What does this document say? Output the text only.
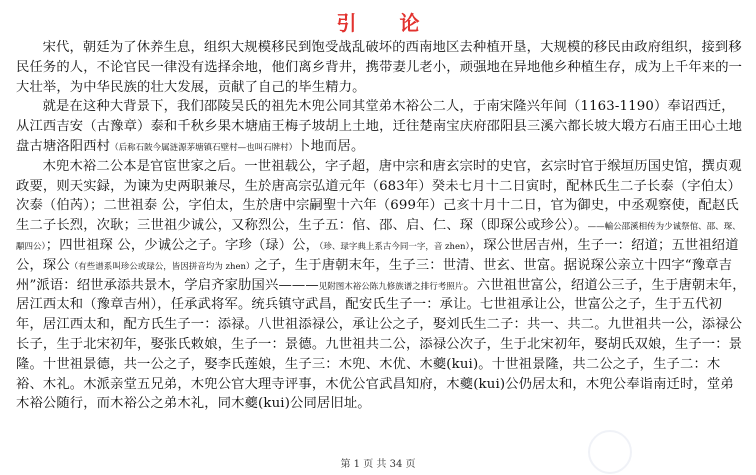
引 论

宋代，朝廷为了休养生息，组织大规模移民到饱受战乱破坏的西南地区去种植开垦，大规模的移民由政府组织，接到移民任务的人，不论官民一律没有选择余地，他们离乡背井，携带妻儿老小，顽强地在异地他乡种植生存，成为上千年来的一大壮举，为中华民族的壮大发展，贡献了自己的毕生精力。

就是在这种大背景下，我们邵陵吴氏的祖先木兜公同其堂弟木裕公二人，于南宋隆兴年间（1163-1190）奉诏西迁，从江西吉安（古豫章）泰和千秋乡果木塘庙王梅子坡胡上土地，迁往楚南宝庆府邵阳县三溪六都长坡大塅方石庙王田心土地盘古塘洛阳西村（后称石陂今属涟源茅塘镇石壁村—也叫石牌村）卜地而居。

木兜木裕二公本是官宦世家之后。一世祖载公，字子超，唐中宗和唐玄宗时的史官，玄宗时官于缑垣历国史馆，撰贞观政要，则天实録，为谏为史两职兼尽，生於唐高宗弘道元年（683年）癸未七月十二日寅时，配林氏生二子长泰（字伯太）次泰（伯芮）；二世祖泰 公，字伯太，生於唐中宗嗣聖十六年（699年）己亥十月十二日，官为御史，中丞观察使，配赵氏生二子长烈，次耿；三世祖少诚公，又称烈公，生子五：倌、邵、启、仁、琛（即琛公或珍公）。——輸公邵溪相传为少诚祭倌、邵、琛、顒四公）；四世祖琛 公，少诚公之子。字珍（琭）公，（珍、琭字典上系古今同一字，音 zhen），琛公世居吉州，生子一：绍道；五世祖绍道公，琛公（有些谱系叫珍公或琭公，皆因拼音均为 zhen）之子，生于唐朝末年，生子三：世清、世玄、世富。据说琛公亲立十四字“豫章吉州”派语：绍世承添共景木，学启齐家肋国兴———见附图木裕公陈九修族谱之排行考照片。六世祖世富公，绍道公三子，生于唐朝末年，居江西太和（豫章吉州），任承武将军。统兵镇守武昌，配安氏生子一：承让。七世祖承让公，世富公之子，生于五代初年，居江西太和，配方氏生子一：添禄。八世祖添禄公，承让公之子，娶刘氏生二子：共一、共二。九世祖共一公，添禄公长子，生于北宋初年，娶张氏敕娘，生子一：景德。九世祖共二公，添禄公次子，生于北宋初年，娶胡氏双娘，生子一：景隆。十世祖景德，共一公之子，娶李氏莲娘，生子三：木兜、木优、木夔(kui)。十世祖景隆，共二公之子，生子二：木裕、木礼。木派亲堂五兄弟，木兜公官大理寺评事，木优公官武昌知府，木夔(kui)公仍居太和，木兜公奉诣南迁时，堂弟木裕公随行，而木裕公之弟木礼，同木夔(kui)公同居旧址。

第 1 页 共 34 页
